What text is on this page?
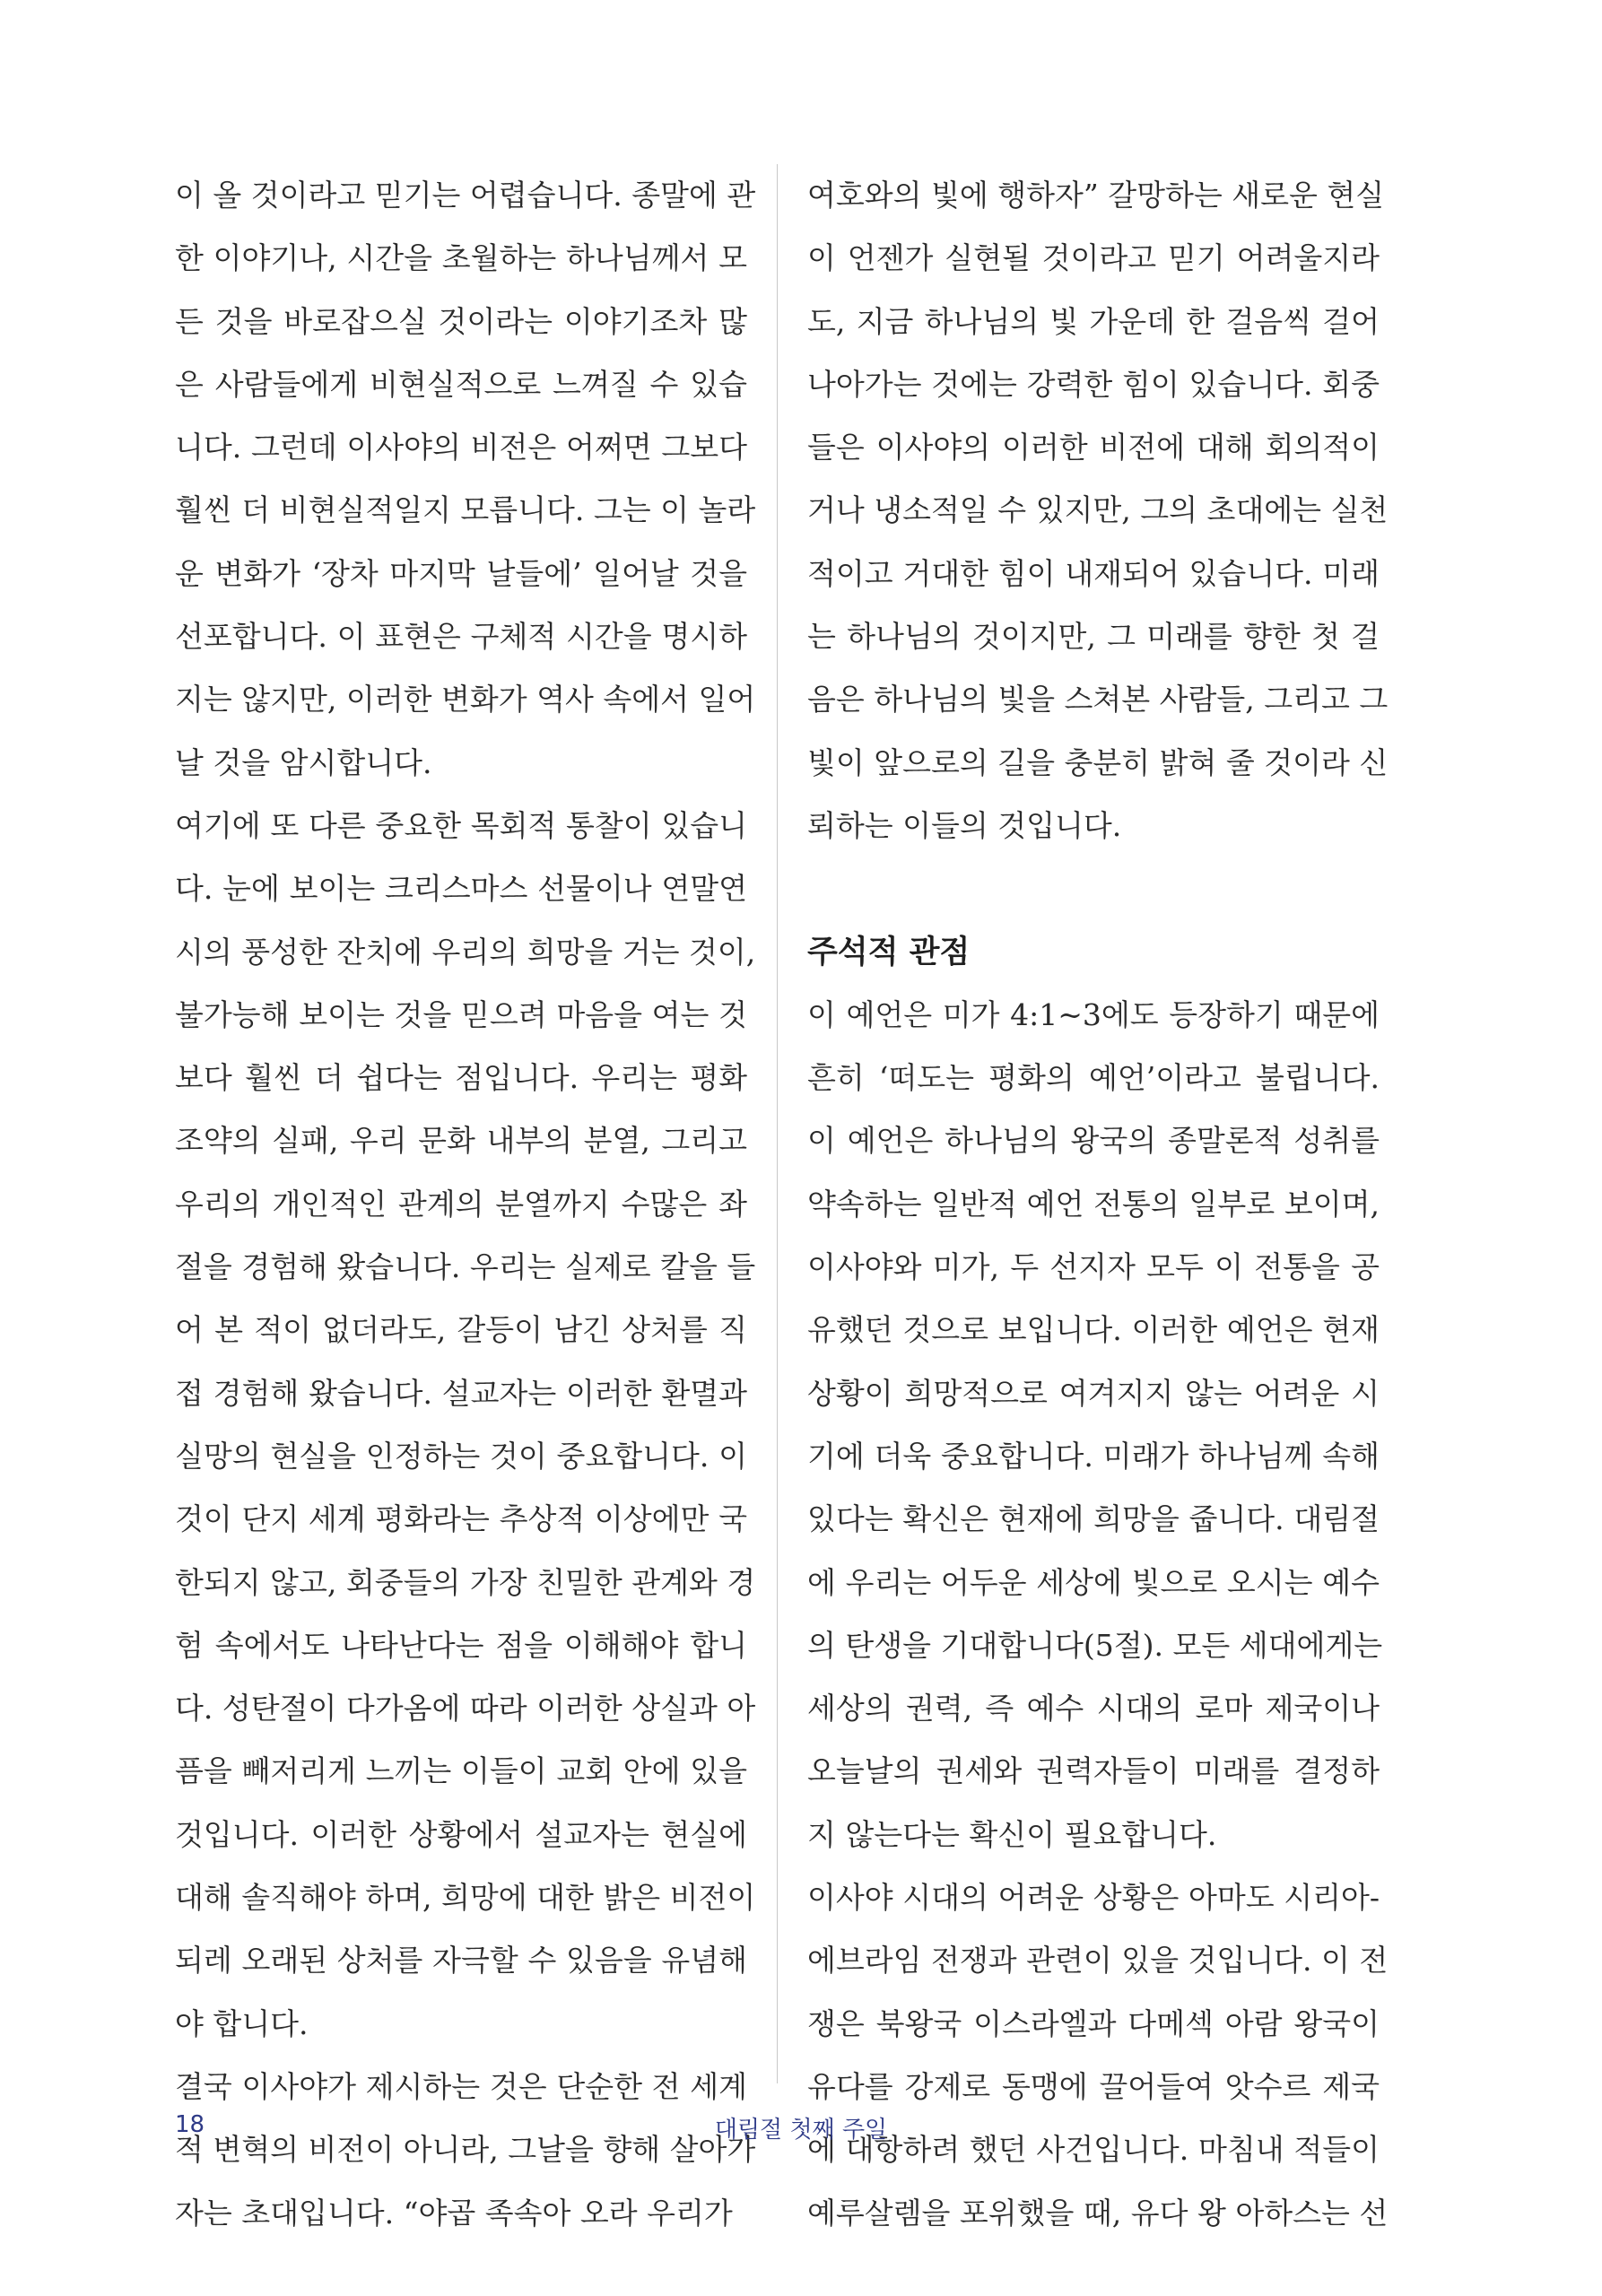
이 올 것이라고 믿기는 어렵습니다. 종말에 관
한 이야기나, 시간을 초월하는 하나님께서 모
든 것을 바로잡으실 것이라는 이야기조차 많
은 사람들에게 비현실적으로 느껴질 수 있습
니다. 그런데 이사야의 비전은 어쩌면 그보다
훨씬 더 비현실적일지 모릅니다. 그는 이 놀라
운 변화가 ‘장차 마지막 날들에’ 일어날 것을
선포합니다. 이 표현은 구체적 시간을 명시하
지는 않지만, 이러한 변화가 역사 속에서 일어
날 것을 암시합니다.
여기에 또 다른 중요한 목회적 통찰이 있습니
다. 눈에 보이는 크리스마스 선물이나 연말연
시의 풍성한 잔치에 우리의 희망을 거는 것이,
불가능해 보이는 것을 믿으려 마음을 여는 것
보다 훨씬 더 쉽다는 점입니다. 우리는 평화
조약의 실패, 우리 문화 내부의 분열, 그리고
우리의 개인적인 관계의 분열까지 수많은 좌
절을 경험해 왔습니다. 우리는 실제로 칼을 들
어 본 적이 없더라도, 갈등이 남긴 상처를 직
접 경험해 왔습니다. 설교자는 이러한 환멸과
실망의 현실을 인정하는 것이 중요합니다. 이
것이 단지 세계 평화라는 추상적 이상에만 국
한되지 않고, 회중들의 가장 친밀한 관계와 경
험 속에서도 나타난다는 점을 이해해야 합니
다. 성탄절이 다가옴에 따라 이러한 상실과 아
픔을 빼저리게 느끼는 이들이 교회 안에 있을
것입니다. 이러한 상황에서 설교자는 현실에
대해 솔직해야 하며, 희망에 대한 밝은 비전이
되레 오래된 상처를 자극할 수 있음을 유념해
야 합니다.
결국 이사야가 제시하는 것은 단순한 전 세계
적 변혁의 비전이 아니라, 그날을 향해 살아가
자는 초대입니다. “야곱 족속아 오라 우리가
여호와의 빛에 행하자” 갈망하는 새로운 현실
이 언젠가 실현될 것이라고 믿기 어려울지라
도, 지금 하나님의 빛 가운데 한 걸음씩 걸어
나아가는 것에는 강력한 힘이 있습니다. 회중
들은 이사야의 이러한 비전에 대해 회의적이
거나 냉소적일 수 있지만, 그의 초대에는 실천
적이고 거대한 힘이 내재되어 있습니다. 미래
는 하나님의 것이지만, 그 미래를 향한 첫 걸
음은 하나님의 빛을 스쳐본 사람들, 그리고 그
빛이 앞으로의 길을 충분히 밝혀 줄 것이라 신
뢰하는 이들의 것입니다.
주석적 관점
이 예언은 미가 4:1~3에도 등장하기 때문에
흔히 ‘떠도는 평화의 예언’이라고 불립니다.
이 예언은 하나님의 왕국의 종말론적 성취를
약속하는 일반적 예언 전통의 일부로 보이며,
이사야와 미가, 두 선지자 모두 이 전통을 공
유했던 것으로 보입니다. 이러한 예언은 현재
상황이 희망적으로 여겨지지 않는 어려운 시
기에 더욱 중요합니다. 미래가 하나님께 속해
있다는 확신은 현재에 희망을 줍니다. 대림절
에 우리는 어두운 세상에 빛으로 오시는 예수
의 탄생을 기대합니다(5절). 모든 세대에게는
세상의 권력, 즉 예수 시대의 로마 제국이나
오늘날의 권세와 권력자들이 미래를 결정하
지 않는다는 확신이 필요합니다.
이사야 시대의 어려운 상황은 아마도 시리아-
에브라임 전쟁과 관련이 있을 것입니다. 이 전
쟁은 북왕국 이스라엘과 다메섹 아람 왕국이
유다를 강제로 동맹에 끌어들여 앗수르 제국
에 대항하려 했던 사건입니다. 마침내 적들이
예루살렘을 포위했을 때, 유다 왕 아하스는 선
18	대림절 첫째 주일
